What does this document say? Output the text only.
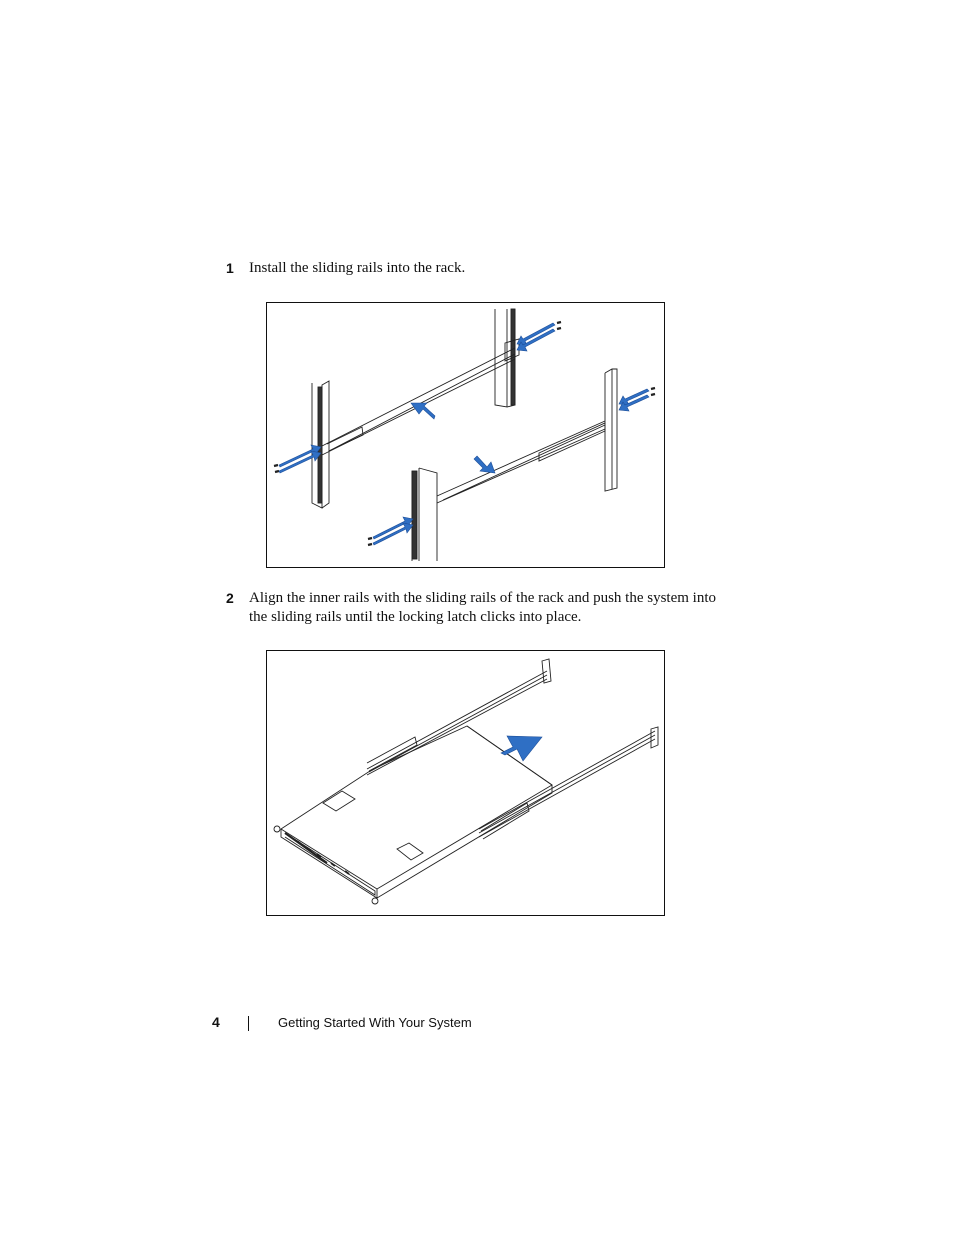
1	Install the sliding rails into the rack.
2	Align the inner rails with the sliding rails of the rack and push the system into the sliding rails until the locking latch clicks into place.
4	Getting Started With Your System
